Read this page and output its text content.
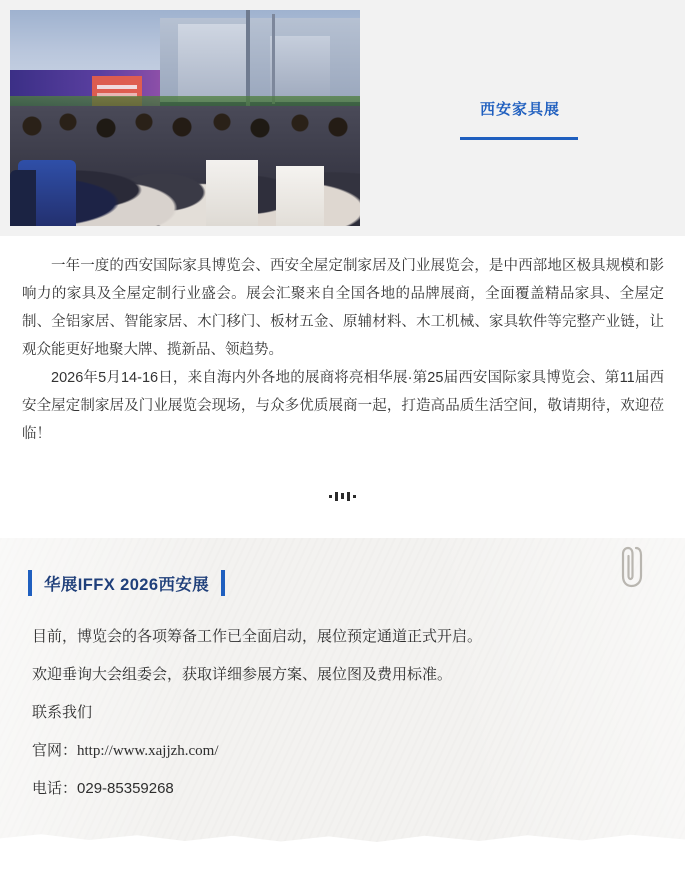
西安家具展

一年一度的西安国际家具博览会、西安全屋定制家居及门业展览会，是中西部地区极具规模和影响力的家具及全屋定制行业盛会。展会汇聚来自全国各地的品牌展商，全面覆盖精品家具、全屋定制、全铝家居、智能家居、木门移门、板材五金、原辅材料、木工机械、家具软件等完整产业链，让观众能更好地聚大牌、揽新品、领趋势。

2026年5月14-16日，来自海内外各地的展商将亮相华展·第25届西安国际家具博览会、第11届西安全屋定制家居及门业展览会现场，与众多优质展商一起，打造高品质生活空间，敬请期待，欢迎莅临！

华展IFFX 2026西安展
目前，博览会的各项筹备工作已全面启动，展位预定通道正式开启。
欢迎垂询大会组委会，获取详细参展方案、展位图及费用标准。
联系我们
官网：http://www.xajjzh.com/
电话：029-85359268
